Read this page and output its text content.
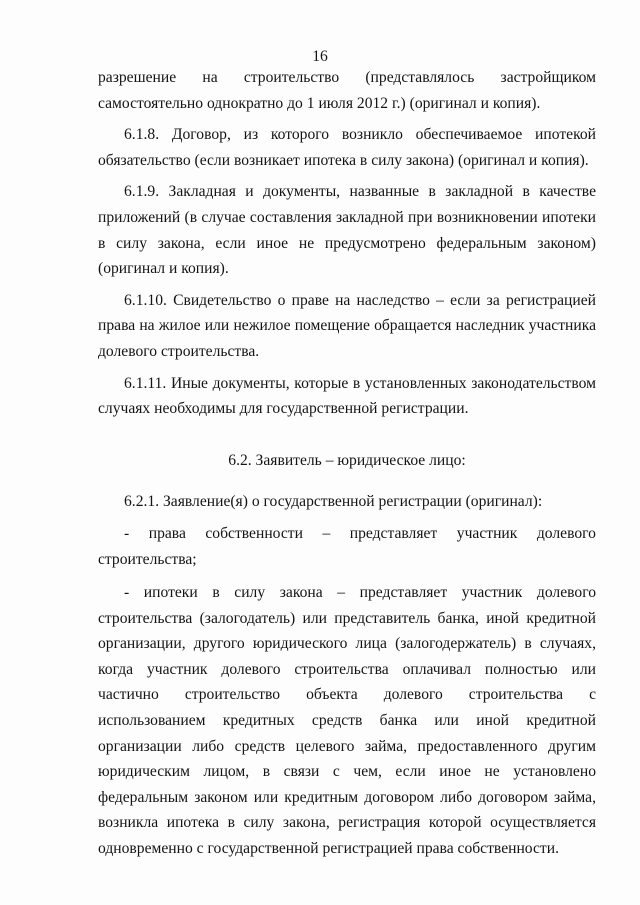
16

разрешение на строительство (представлялось застройщиком самостоятельно однократно до 1 июля 2012 г.) (оригинал и копия).

6.1.8. Договор, из которого возникло обеспечиваемое ипотекой обязательство (если возникает ипотека в силу закона) (оригинал и копия).

6.1.9. Закладная и документы, названные в закладной в качестве приложений (в случае составления закладной при возникновении ипотеки в силу закона, если иное не предусмотрено федеральным законом) (оригинал и копия).

6.1.10. Свидетельство о праве на наследство – если за регистрацией права на жилое или нежилое помещение обращается наследник участника долевого строительства.

6.1.11. Иные документы, которые в установленных законодательством случаях необходимы для государственной регистрации.

6.2. Заявитель – юридическое лицо:

6.2.1. Заявление(я) о государственной регистрации (оригинал):

- права собственности – представляет участник долевого

строительства;

- ипотеки в силу закона – представляет участник долевого строительства (залогодатель) или представитель банка, иной кредитной организации, другого юридического лица (залогодержатель) в случаях, когда участник долевого строительства оплачивал полностью или частично строительство объекта долевого строительства с использованием кредитных средств банка или иной кредитной организации либо средств целевого займа, предоставленного другим юридическим лицом, в связи с чем, если иное не установлено федеральным законом или кредитным договором либо договором займа, возникла ипотека в силу закона, регистрация которой осуществляется одновременно с государственной регистрацией права собственности.
